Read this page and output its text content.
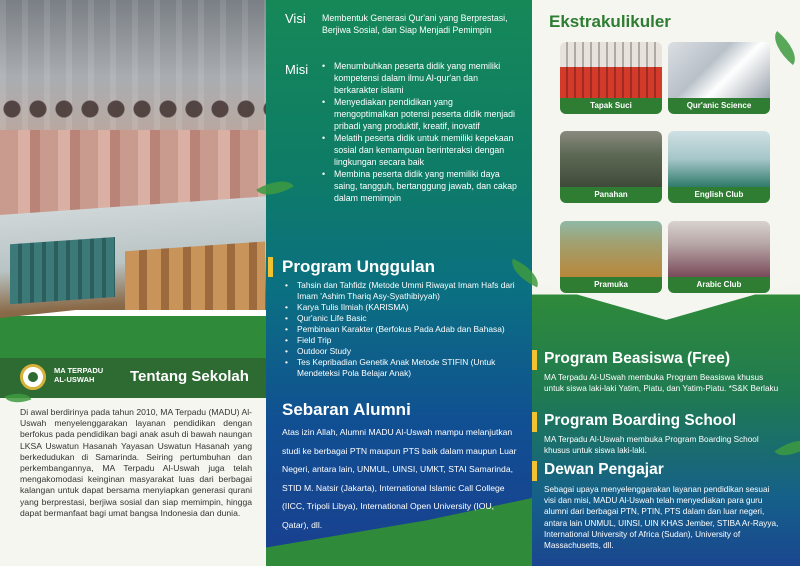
MA TERPADU
AL-USWAH	Tentang Sekolah

Di awal berdirinya pada tahun 2010, MA Terpadu (MADU) Al-Uswah menyelenggarakan layanan pendidikan dengan berfokus pada pendidikan bagi anak asuh di bawah naungan LKSA Uswatun Hasanah Yayasan Uswatun Hasanah yang berkedudukan di Samarinda. Seiring pertumbuhan dan perkembangannya, MA Terpadu Al-Uswah juga telah mengakomodasi keinginan masyarakat luas dari berbagai kalangan untuk dapat bersama menyiapkan generasi qurani yang berprestasi, berjiwa sosial dan siap memimpin, hingga dapat bermanfaat bagi umat bangsa Indonesia dan dunia.

Visi Membentuk Generasi Qur'ani yang Berprestasi, Berjiwa Sosial, dan Siap Menjadi Pemimpin

Misi
•	Menumbuhkan peserta didik yang memiliki kompetensi dalam ilmu Al-qur'an dan berkarakter islami
• Menyediakan pendidikan yang mengoptimalkan potensi peserta didik menjadi pribadi yang produktif, kreatif, inovatif
• Melatih peserta didik untuk memiliki kepekaan sosial dan kemampuan berinteraksi dengan lingkungan secara baik
• Membina peserta didik yang memiliki daya saing, tangguh, bertanggung jawab, dan cakap dalam memimpin
Program Unggulan
• Tahsin dan Tahfidz (Metode Ummi Riwayat Imam Hafs dari Imam 'Ashim Thariq Asy-Syathibiyyah)
• Karya Tulis Ilmiah (KARISMA)
• Qur'anic Life Basic
• Pembinaan Karakter (Berfokus Pada Adab dan Bahasa)
• Field Trip
• Outdoor Study
• Tes Kepribadian Genetik Anak Metode STIFIN (Untuk Mendeteksi Pola Belajar Anak)
Sebaran Alumni

Atas izin Allah, Alumni MADU Al-Uswah mampu melanjutkan studi ke berbagai PTN maupun PTS baik dalam maupun Luar Negeri, antara lain, UNMUL, UINSI, UMKT, STAI Samarinda, STID M. Natsir (Jakarta), International Islamic Call College (IICC, Tripoli Libya), International Open University (IOU, Qatar), dll.

Ekstrakulikuler
Tapak Suci	Qur'anic Science
Panahan	English Club
Pramuka	Arabic Club
Program Beasiswa (Free)

MA Terpadu Al-USwah membuka Program Beasiswa khusus untuk siswa laki-laki Yatim, Piatu, dan Yatim-Piatu. *S&K Berlaku

Program Boarding School

MA Terpadu Al-Uswah membuka Program Boarding School khusus untuk siswa laki-laki.

Dewan Pengajar

Sebagai upaya menyelenggarakan layanan pendidikan sesuai visi dan misi, MADU Al-Uswah telah menyediakan para guru alumni dari berbagai PTN, PTIN, PTS dalam dan luar negeri, antara lain UNMUL, UINSI, UIN KHAS Jember, STIBA Ar-Rayya, International University of Africa (Sudan), University of Massachusetts, dll.
